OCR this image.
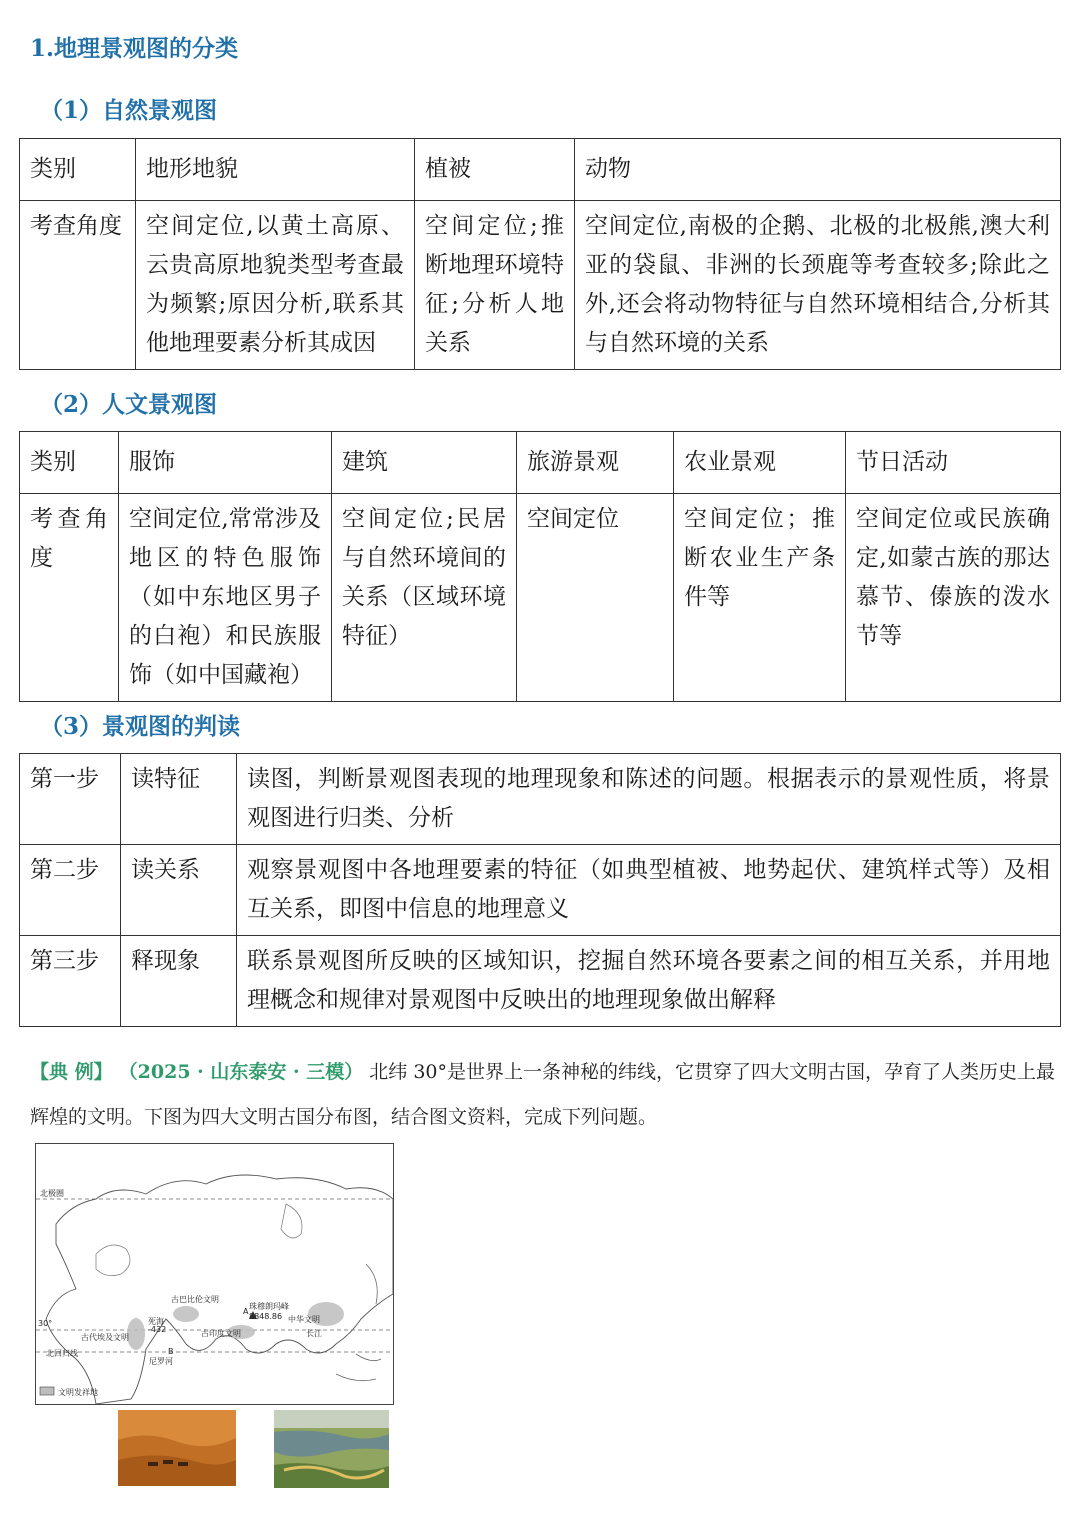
1.地理景观图的分类
（1）自然景观图
类别	地形地貌	植被	动物
考查角度	空间定位,以黄土高原、云贵高原地貌类型考查最为频繁;原因分析,联系其他地理要素分析其成因	空间定位;推断地理环境特征;分析人地关系	空间定位,南极的企鹅、北极的北极熊,澳大利亚的袋鼠、非洲的长颈鹿等考查较多;除此之外,还会将动物特征与自然环境相结合,分析其与自然环境的关系
（2）人文景观图
类别	服饰	建筑	旅游景观	农业景观	节日活动
考查角度	空间定位,常常涉及地区的特色服饰（如中东地区男子的白袍）和民族服饰（如中国藏袍）	空间定位;民居与自然环境间的关系（区域环境特征）	空间定位	空间定位；推断农业生产条件等	空间定位或民族确定,如蒙古族的那达慕节、傣族的泼水节等
（3）景观图的判读
第一步	读特征	读图，判断景观图表现的地理现象和陈述的问题。根据表示的景观性质，将景观图进行归类、分析
第二步	读关系	观察景观图中各地理要素的特征（如典型植被、地势起伏、建筑样式等）及相互关系，即图中信息的地理意义
第三步	释现象	联系景观图所反映的区域知识，挖掘自然环境各要素之间的相互关系，并用地理概念和规律对景观图中反映出的地理现象做出解释
【典 例】 （2025 · 山东泰安 · 三模） 北纬 30°是世界上一条神秘的纬线，它贯穿了四大文明古国，孕育了人类历史上最辉煌的文明。下图为四大文明古国分布图，结合图文资料，完成下列问题。
北极圈
北回归线
30°
古巴比伦文明
古代埃及文明	古印度文明
中华文明
珠穆朗玛峰
8848.86
长江
尼罗河
A
B
死海
-432
文明发祥地
